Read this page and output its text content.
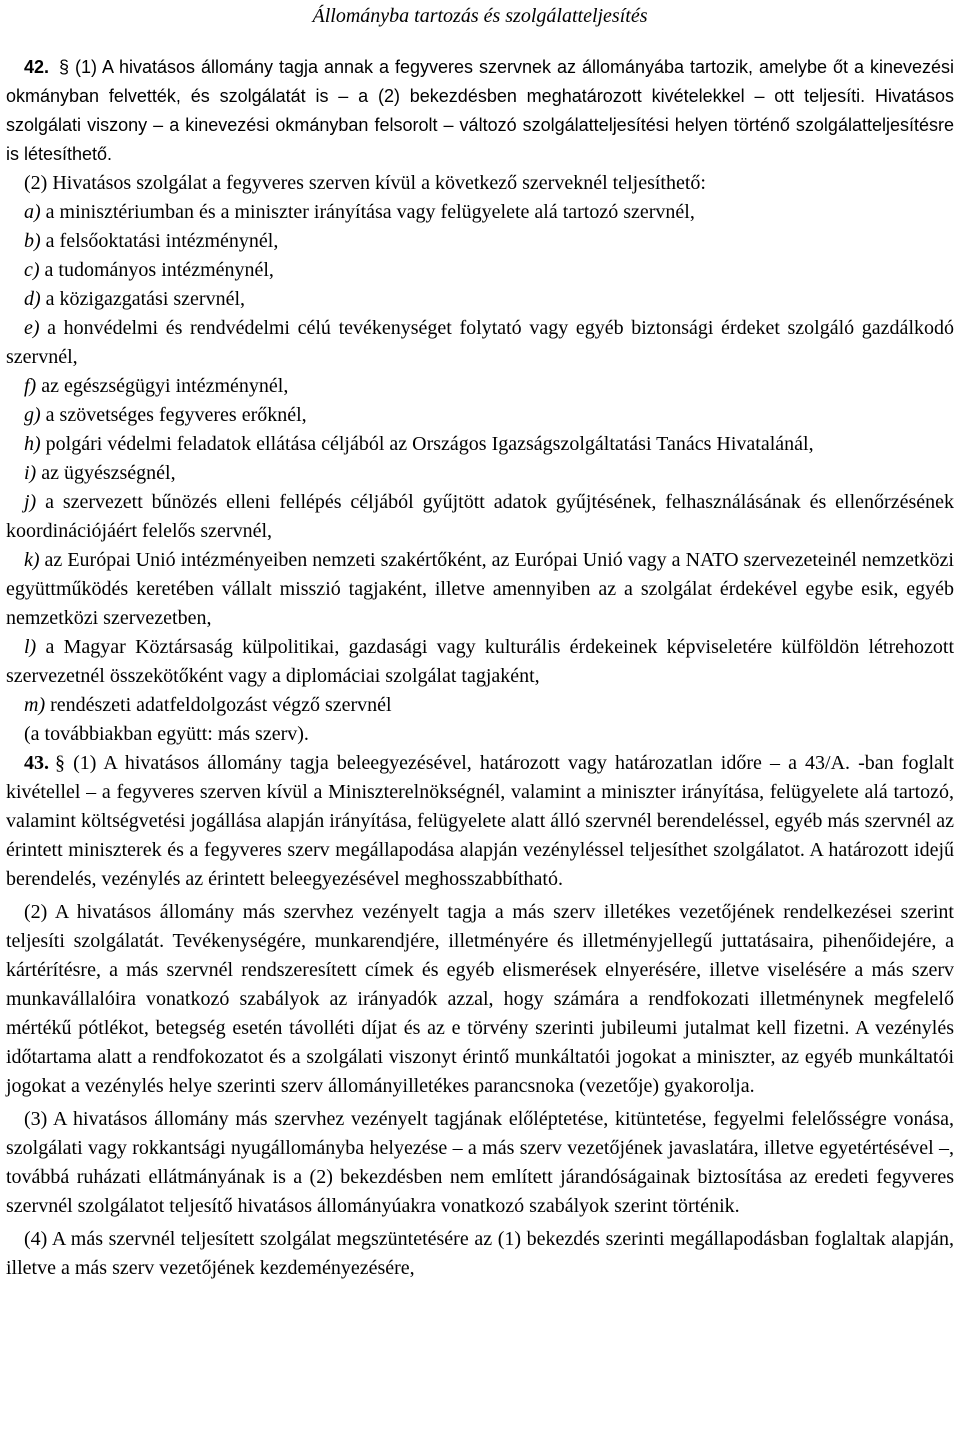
Állományba tartozás és szolgálatteljesítés

42. § (1) A hivatásos állomány tagja annak a fegyveres szervnek az állományába tartozik, amelybe őt a kinevezési okmányban felvették, és szolgálatát is – a (2) bekezdésben meghatározott kivételekkel – ott teljesíti. Hivatásos szolgálati viszony – a kinevezési okmányban felsorolt – változó szolgálatteljesítési helyen történő szolgálatteljesítésre is létesíthető.

(2) Hivatásos szolgálat a fegyveres szerven kívül a következő szerveknél teljesíthető:

a) a minisztériumban és a miniszter irányítása vagy felügyelete alá tartozó szervnél,

b) a felsőoktatási intézménynél,

c) a tudományos intézménynél,

d) a közigazgatási szervnél,

e) a honvédelmi és rendvédelmi célú tevékenységet folytató vagy egyéb biztonsági érdeket szolgáló gazdálkodó szervnél,

f) az egészségügyi intézménynél,

g) a szövetséges fegyveres erőknél,

h) polgári védelmi feladatok ellátása céljából az Országos Igazságszolgáltatási Tanács Hivatalánál,

i) az ügyészségnél,

j) a szervezett bűnözés elleni fellépés céljából gyűjtött adatok gyűjtésének, felhasználásának és ellenőrzésének koordinációjáért felelős szervnél,

k) az Európai Unió intézményeiben nemzeti szakértőként, az Európai Unió vagy a NATO szervezeteinél nemzetközi együttműködés keretében vállalt misszió tagjaként, illetve amennyiben az a szolgálat érdekével egybe esik, egyéb nemzetközi szervezetben,

l) a Magyar Köztársaság külpolitikai, gazdasági vagy kulturális érdekeinek képviseletére külföldön létrehozott szervezetnél összekötőként vagy a diplomáciai szolgálat tagjaként,

m) rendészeti adatfeldolgozást végző szervnél

(a továbbiakban együtt: más szerv).

43. § (1) A hivatásos állomány tagja beleegyezésével, határozott vagy határozatlan időre – a 43/A. -ban foglalt kivétellel – a fegyveres szerven kívül a Miniszterelnökségnél, valamint a miniszter irányítása, felügyelete alá tartozó, valamint költségvetési jogállása alapján irányítása, felügyelete alatt álló szervnél berendeléssel, egyéb más szervnél az érintett miniszterek és a fegyveres szerv megállapodása alapján vezényléssel teljesíthet szolgálatot. A határozott idejű berendelés, vezénylés az érintett beleegyezésével meghosszabbítható.

(2) A hivatásos állomány más szervhez vezényelt tagja a más szerv illetékes vezetőjének rendelkezései szerint teljesíti szolgálatát. Tevékenységére, munkarendjére, illetményére és illetményjellegű juttatásaira, pihenőidejére, a kártérítésre, a más szervnél rendszeresített címek és egyéb elismerések elnyerésére, illetve viselésére a más szerv munkavállalóira vonatkozó szabályok az irányadók azzal, hogy számára a rendfokozati illetménynek megfelelő mértékű pótlékot, betegség esetén távolléti díjat és az e törvény szerinti jubileumi jutalmat kell fizetni. A vezénylés időtartama alatt a rendfokozatot és a szolgálati viszonyt érintő munkáltatói jogokat a miniszter, az egyéb munkáltatói jogokat a vezénylés helye szerinti szerv állományilletékes parancsnoka (vezetője) gyakorolja.

(3) A hivatásos állomány más szervhez vezényelt tagjának előléptetése, kitüntetése, fegyelmi felelősségre vonása, szolgálati vagy rokkantsági nyugállományba helyezése – a más szerv vezetőjének javaslatára, illetve egyetértésével –, továbbá ruházati ellátmányának is a (2) bekezdésben nem említett járandóságainak biztosítása az eredeti fegyveres szervnél szolgálatot teljesítő hivatásos állományúakra vonatkozó szabályok szerint történik.

(4) A más szervnél teljesített szolgálat megszüntetésére az (1) bekezdés szerinti megállapodásban foglaltak alapján, illetve a más szerv vezetőjének kezdeményezésére,
